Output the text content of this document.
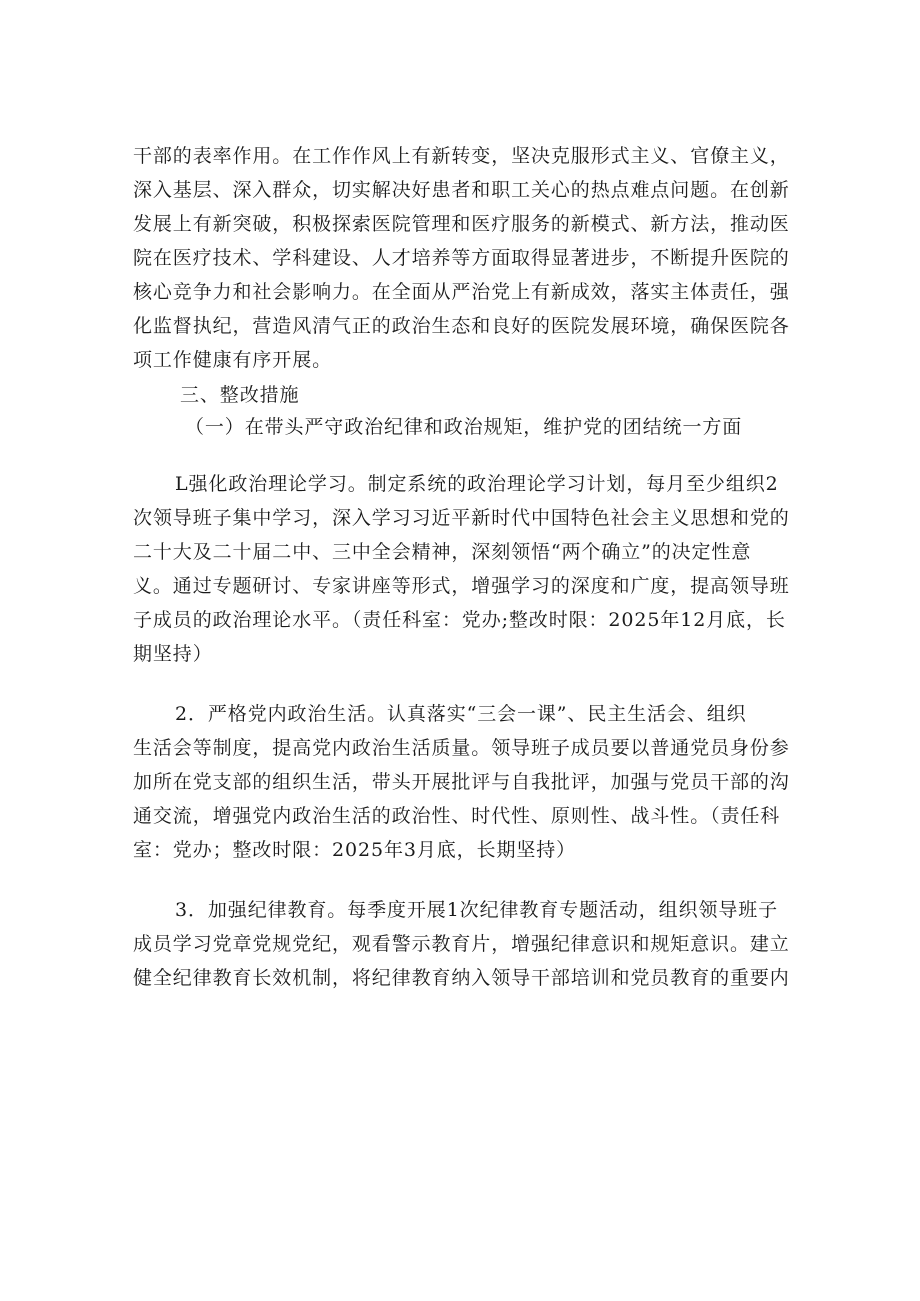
干部的表率作用。在工作作风上有新转变，坚决克服形式主义、官僚主义，
深入基层、深入群众，切实解决好患者和职工关心的热点难点问题。在创新
发展上有新突破，积极探索医院管理和医疗服务的新模式、新方法，推动医
院在医疗技术、学科建设、人才培养等方面取得显著进步，不断提升医院的
核心竞争力和社会影响力。在全面从严治党上有新成效，落实主体责任，强
化监督执纪，营造风清气正的政治生态和良好的医院发展环境，确保医院各
项工作健康有序开展。
三、整改措施
（一）在带头严守政治纪律和政治规矩，维护党的团结统一方面
L强化政治理论学习。制定系统的政治理论学习计划，每月至少组织2
次领导班子集中学习，深入学习习近平新时代中国特色社会主义思想和党的
二十大及二十届二中、三中全会精神，深刻领悟“两个确立”的决定性意
义。通过专题研讨、专家讲座等形式，增强学习的深度和广度，提高领导班
子成员的政治理论水平。（责任科室：党办;整改时限：2025年12月底，长
期坚持）
2．严格党内政治生活。认真落实“三会一课”、民主生活会、组织
生活会等制度，提高党内政治生活质量。领导班子成员要以普通党员身份参
加所在党支部的组织生活，带头开展批评与自我批评，加强与党员干部的沟
通交流，增强党内政治生活的政治性、时代性、原则性、战斗性。（责任科
室：党办；整改时限：2025年3月底，长期坚持）
3．加强纪律教育。每季度开展1次纪律教育专题活动，组织领导班子
成员学习党章党规党纪，观看警示教育片，增强纪律意识和规矩意识。建立
健全纪律教育长效机制，将纪律教育纳入领导干部培训和党员教育的重要内
